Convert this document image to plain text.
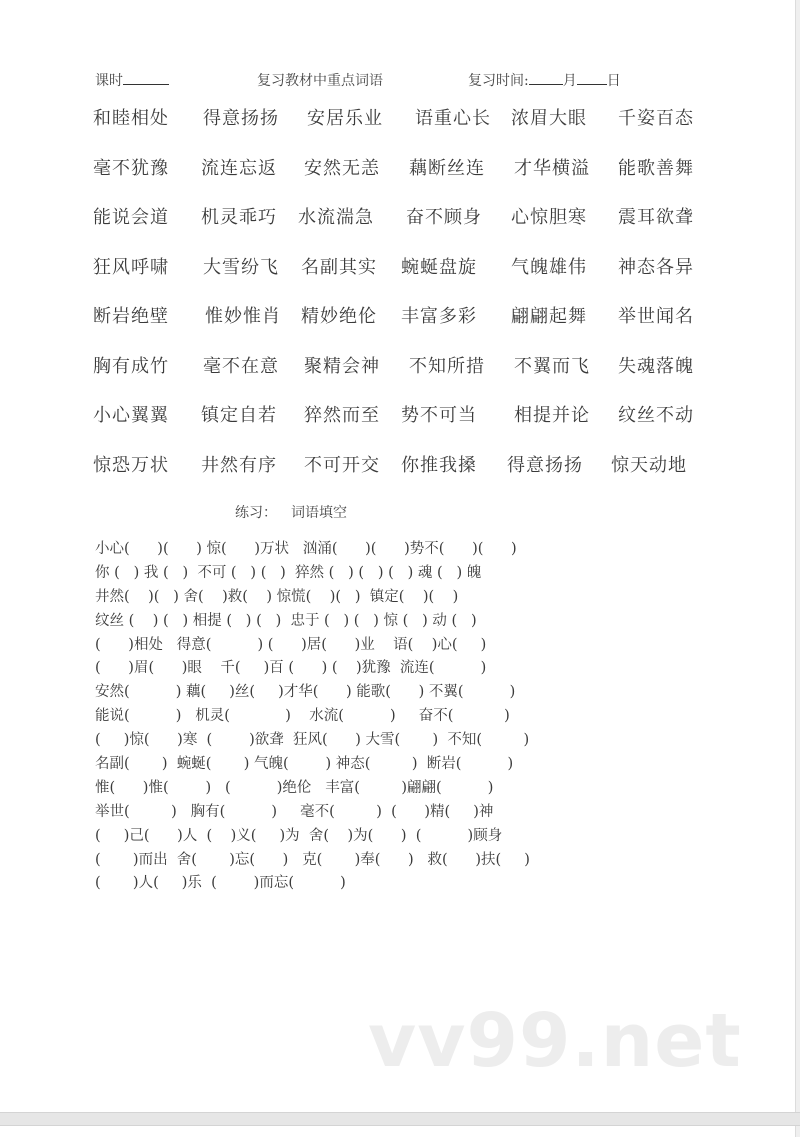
课时	复习教材中重点词语	复习时间: 月 日
和睦相处 得意扬扬 安居乐业 语重心长 浓眉大眼 千姿百态
毫不犹豫 流连忘返 安然无恙 藕断丝连 才华横溢 能歌善舞
能说会道 机灵乖巧 水流湍急 奋不顾身 心惊胆寒 震耳欲聋
狂风呼啸 大雪纷飞 名副其实 蜿蜒盘旋 气魄雄伟 神态各异
断岩绝壁 惟妙惟肖 精妙绝伦 丰富多彩 翩翩起舞 举世闻名
胸有成竹 毫不在意 聚精会神 不知所措 不翼而飞 失魂落魄
小心翼翼 镇定自若 猝然而至 势不可当 相提并论 纹丝不动
惊恐万状 井然有序 不可开交 你推我搡 得意扬扬 惊天动地
练习： 词语填空
小心(      )(      ) 惊(      )万状   汹涌(      )(      )势不(      )(      )
你 (   ) 我 (   )  不可 (   ) (   )  猝然 (   ) (   ) (   ) 魂 (   ) 魄
井然(    )(   ) 舍(    )救(    ) 惊慌(    )(   )  镇定(    )(    )
纹丝 (    ) (   ) 相提 (   ) (   )  忠于 (   ) (   ) 惊 (   ) 动 (   )
(      )相处   得意(          ) (      )居(      )业    语(    )心(     )
(      )眉(      )眼    千(     )百 (      ) (    )犹豫  流连(          )
安然(          ) 藕(     )丝(     )才华(      ) 能歌(      ) 不翼(          )
能说(          )   机灵(            )    水流(          )     奋不(           )
(     )惊(      )寒  (        )欲聋  狂风(      ) 大雪(       )  不知(         )
名副(       )  蜿蜒(       ) 气魄(        ) 神态(         )  断岩(          )
惟(      )惟(        )   (          )绝伦   丰富(         )翩翩(          )
举世(         )   胸有(          )     毫不(         )  (      )精(     )神
(     )己(      )人  (    )义(     )为  舍(    )为(      )  (          )顾身
(       )而出  舍(       )忘(      )   克(       )奉(      )   救(      )扶(     )
(       )人(     )乐  (        )而忘(          )
vv99.net
